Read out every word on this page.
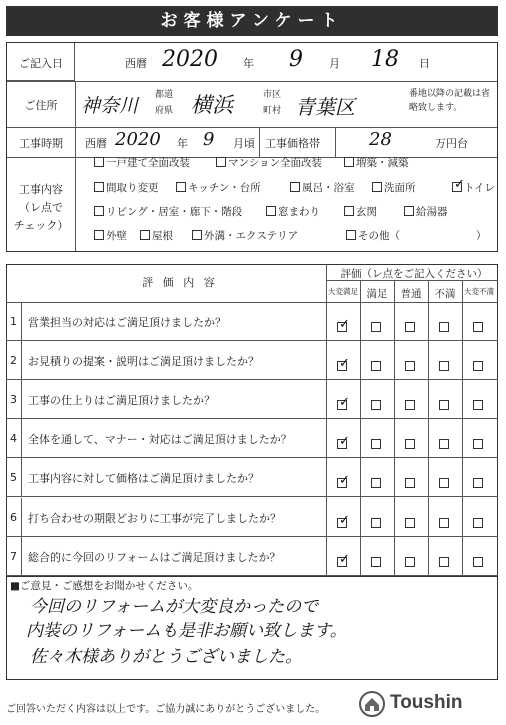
お客様アンケート
ご記入日	西暦 2020 年 9 月 18 日
ご住所	神奈川 都道
府県 横浜	市区
町村 青葉区
番地以降の記載は省略致します。
工事時期	西暦 2020 年 9 月頃 工事価格帯	28	万円台
工事内容
（レ点で
チェック）
一戸建て全面改装	マンション全面改装	増築・減築
間取り変更	キッチン・台所	風呂・浴室	洗面所
✓	トイレ
リビング・居室・廊下・階段	窓まわり	玄関	給湯器
外壁	屋根	外溝・エクステリア	その他（	）
評 価 内 容
評価（レ点をご記入ください）
大変満足 満足	普通	不満	大変不満
1	営業担当の対応はご満足頂けましたか？
✓
2	お見積りの提案・説明はご満足頂けましたか？
✓
3	工事の仕上りはご満足頂けましたか？
✓
4	全体を通して、マナー・対応はご満足頂けましたか？
✓
5	工事内容に対して価格はご満足頂けましたか？
✓
6	打ち合わせの期限どおりに工事が完了しましたか？
✓
7	総合的に今回のリフォームはご満足頂けましたか？
✓
■ご意見・ご感想をお聞かせください。
今回のリフォームが大変良かったので
内装のリフォームも是非お願い致します。
佐々木様ありがとうございました。
ご回答いただく内容は以上です。ご協力誠にありがとうございました。	Toushin
